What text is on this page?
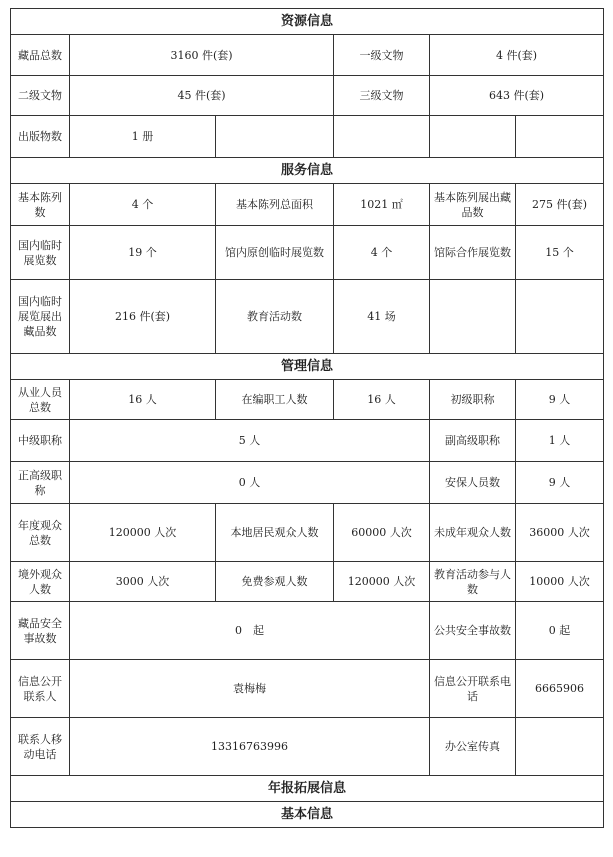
资源信息					
藏品总数	3160 件(套)		一级文物	4 件(套)	
二级文物	45 件(套)		三级文物	643 件(套)	
出版物数	1 册				
服务信息					
基本陈列数	4 个	基本陈列总面积	1021 ㎡	基本陈列展出藏品数	275 件(套)
国内临时展览数	19 个	馆内原创临时展览数	4 个	馆际合作展览数	15 个
国内临时展览展出藏品数	216 件(套)	教育活动数	41 场		
管理信息					
从业人员总数	16 人	在编职工人数	16 人	初级职称	9 人
中级职称	5 人			副高级职称	1 人
正高级职称	0 人			安保人员数	9 人
年度观众总数	120000 人次	本地居民观众人数	60000 人次	未成年观众人数	36000 人次
境外观众人数	3000 人次	免费参观人数	120000 人次	教育活动参与人数	10000 人次
藏品安全事故数	0　起			公共安全事故数	0 起
信息公开联系人	袁梅梅			信息公开联系电话	6665906
联系人移动电话	13316763996			办公室传真	
年报拓展信息					
基本信息					
